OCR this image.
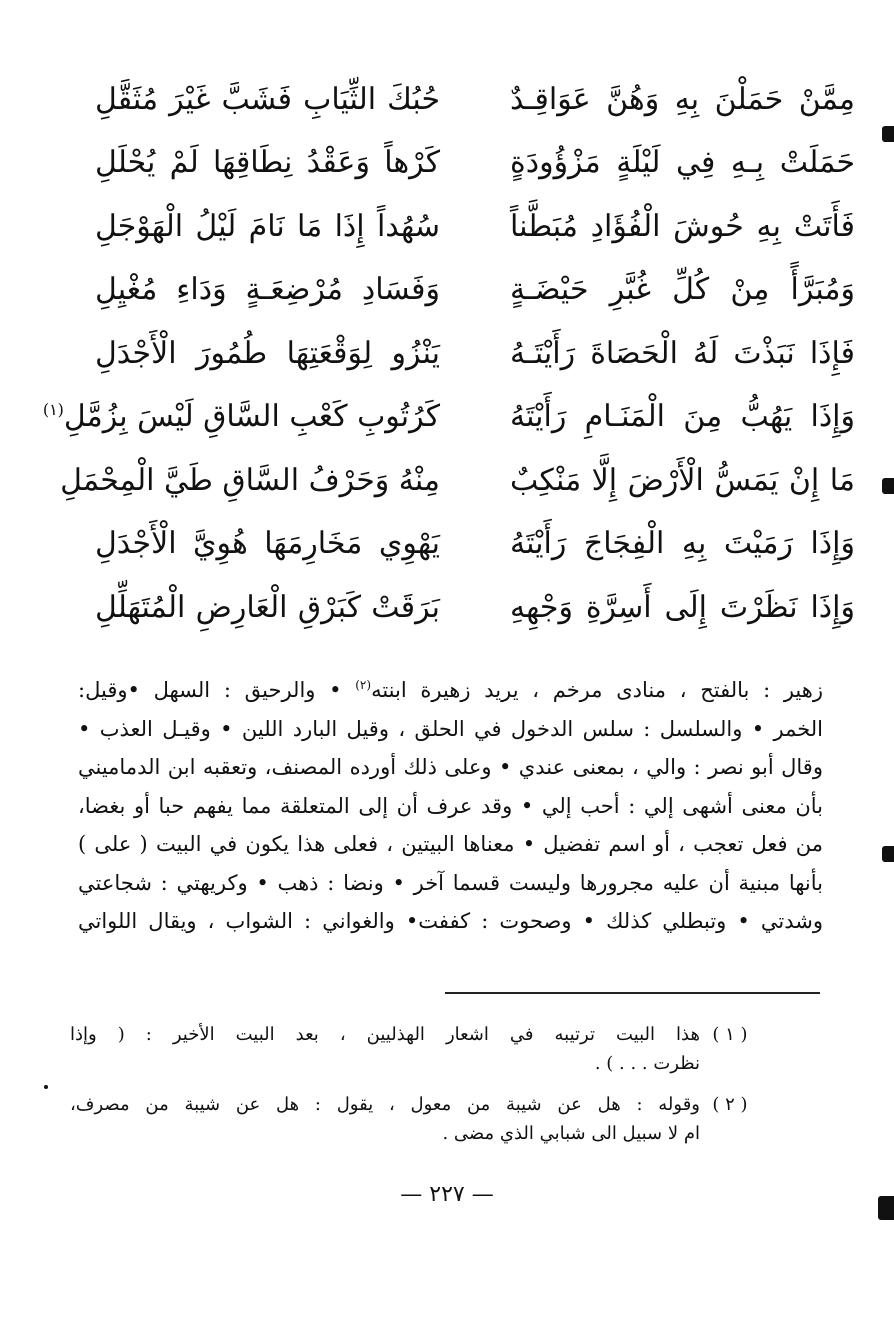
مِمَّنْ حَمَلْنَ بِهِ وَهُنَّ عَوَاقِـدٌ
حُبُكَ الثِّيَابِ فَشَبَّ غَيْرَ مُثَقَّلِ
حَمَلَتْ بِـهِ فِي لَيْلَةٍ مَزْؤُودَةٍ
كَرْهاً وَعَقْدُ نِطَاقِهَا لَمْ يُحْلَلِ
فَأَتَتْ بِهِ حُوشَ الْفُؤَادِ مُبَطَّناً
سُهُداً إِذَا مَا نَامَ لَيْلُ الْهَوْجَلِ
وَمُبَرَّأً مِنْ كُلِّ غُبَّرِ حَيْضَـةٍ
وَفَسَادِ مُرْضِعَـةٍ وَدَاءِ مُغْيِلِ
فَإِذَا نَبَذْتَ لَهُ الْحَصَاةَ رَأَيْتَـهُ
يَنْزُو لِوَقْعَتِهَا طُمُورَ الْأَجْدَلِ
وَإِذَا يَهُبُّ مِنَ الْمَنَـامِ رَأَيْتَهُ
كَرُتُوبِ كَعْبِ السَّاقِ لَيْسَ بِزُمَّلِ$^{(١)}$
مَا إِنْ يَمَسُّ الْأَرْضَ إِلَّا مَنْكِبٌ
مِنْهُ وَحَرْفُ السَّاقِ طَيَّ الْمِحْمَلِ
وَإِذَا رَمَيْتَ بِهِ الْفِجَاجَ رَأَيْتَهُ
يَهْوِي مَخَارِمَهَا هُوِيَّ الْأَجْدَلِ
وَإِذَا نَظَرْتَ إِلَى أَسِرَّةِ وَجْهِهِ
بَرَقَتْ كَبَرْقِ الْعَارِضِ الْمُتَهَلِّلِ
زهير : بالفتح ، منادى مرخم ، يريد زهيرة ابنته$^{(٢)}$ • والرحيق : السهل •وقيل:
الخمر • والسلسل : سلس الدخول في الحلق ، وقيل البارد اللين • وقيـل العذب •
وقال أبو نصر : والي ، بمعنى عندي • وعلى ذلك أورده المصنف، وتعقبه ابن الدماميني
بأن معنى أشهى إلي : أحب إلي • وقد عرف أن إلى المتعلقة مما يفهم حبا أو بغضا،
من فعل تعجب ، أو اسم تفضيل • معناها البيتين ، فعلى هذا يكون في البيت ( على )
بأنها مبنية أن عليه مجرورها وليست قسما آخر • ونضا : ذهب • وكريهتي : شجاعتي
وشدتي • وتبطلي كذلك • وصحوت : كففت• والغواني : الشواب ، ويقال اللواتي
( ١ )
هذا البيت ترتيبه في اشعار الهذليين ، بعد البيت الأخير : ( وإذا
نظرت . . . ) .
( ٢ )
وقوله : هل عن شيبة من معول ، يقول : هل عن شيبة من مصرف،
ام لا سبيل الى شبابي الذي مضى .
— ٢٢٧ —
